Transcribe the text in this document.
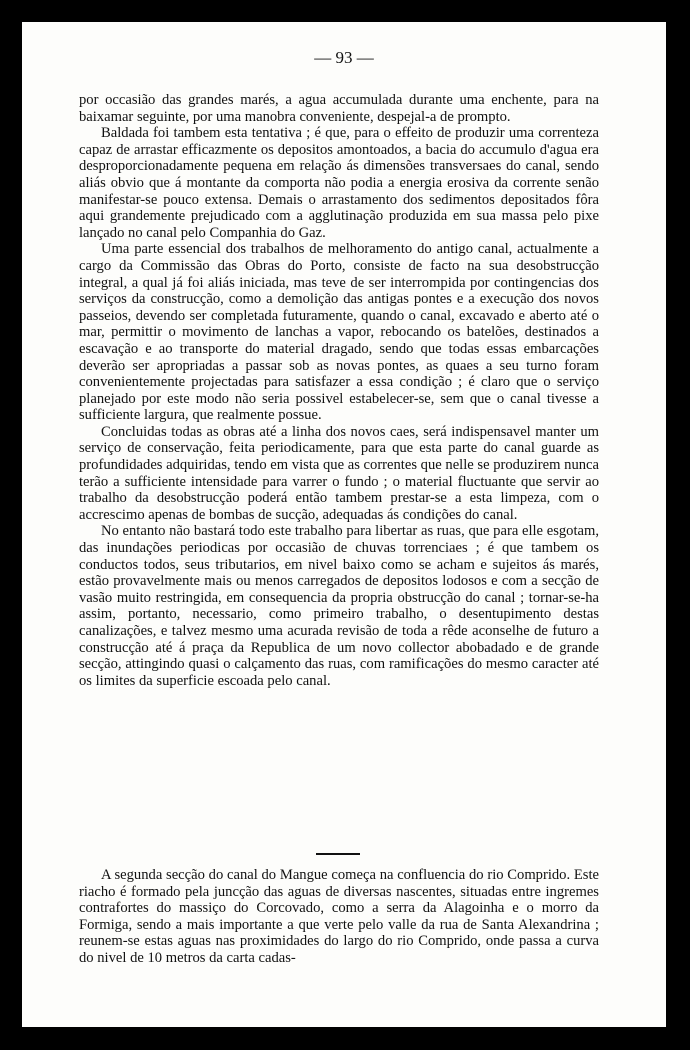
— 93 —

por occasião das grandes marés, a agua accumulada durante uma enchente, para na baixamar seguinte, por uma manobra conveniente, despejal-a de prompto.

Baldada foi tambem esta tentativa ; é que, para o effeito de produzir uma correnteza capaz de arrastar efficazmente os depositos amontoados, a bacia do accumulo d'agua era desproporcionadamente pequena em relação ás dimensões transversaes do canal, sendo aliás obvio que á montante da comporta não podia a energia erosiva da corrente senão manifestar-se pouco extensa. Demais o arrastamento dos sedimentos depositados fôra aqui grandemente prejudicado com a agglutinação produzida em sua massa pelo pixe lançado no canal pelo Companhia do Gaz.

Uma parte essencial dos trabalhos de melhoramento do antigo canal, actualmente a cargo da Commissão das Obras do Porto, consiste de facto na sua desobstrucção integral, a qual já foi aliás iniciada, mas teve de ser interrompida por contingencias dos serviços da construcção, como a demolição das antigas pontes e a execução dos novos passeios, devendo ser completada futuramente, quando o canal, excavado e aberto até o mar, permittir o movimento de lanchas a vapor, rebocando os batelões, destinados a escavação e ao transporte do material dragado, sendo que todas essas embarcações deverão ser apropriadas a passar sob as novas pontes, as quaes a seu turno foram convenientemente projectadas para satisfazer a essa condição ; é claro que o serviço planejado por este modo não seria possivel estabelecer-se, sem que o canal tivesse a sufficiente largura, que realmente possue.

Concluidas todas as obras até a linha dos novos caes, será indispensavel manter um serviço de conservação, feita periodicamente, para que esta parte do canal guarde as profundidades adquiridas, tendo em vista que as correntes que nelle se produzirem nunca terão a sufficiente intensidade para varrer o fundo ; o material fluctuante que servir ao trabalho da desobstrucção poderá então tambem prestar-se a esta limpeza, com o accrescimo apenas de bombas de sucção, adequadas ás condições do canal.

No entanto não bastará todo este trabalho para libertar as ruas, que para elle esgotam, das inundações periodicas por occasião de chuvas torrenciaes ; é que tambem os conductos todos, seus tributarios, em nivel baixo como se acham e sujeitos ás marés, estão provavelmente mais ou menos carregados de depositos lodosos e com a secção de vasão muito restringida, em consequencia da propria obstrucção do canal ; tornar-se-ha assim, portanto, necessario, como primeiro trabalho, o desentupimento destas canalizações, e talvez mesmo uma acurada revisão de toda a rêde aconselhe de futuro a construcção até á praça da Republica de um novo collector abobadado e de grande secção, attingindo quasi o calçamento das ruas, com ramificações do mesmo caracter até os limites da superficie escoada pelo canal.

A segunda secção do canal do Mangue começa na confluencia do rio Comprido. Este riacho é formado pela juncção das aguas de diversas nascentes, situadas entre ingremes contrafortes do massiço do Corcovado, como a serra da Alagoinha e o morro da Formiga, sendo a mais importante a que verte pelo valle da rua de Santa Alexandrina ; reunem-se estas aguas nas proximidades do largo do rio Comprido, onde passa a curva do nivel de 10 metros da carta cadas-
